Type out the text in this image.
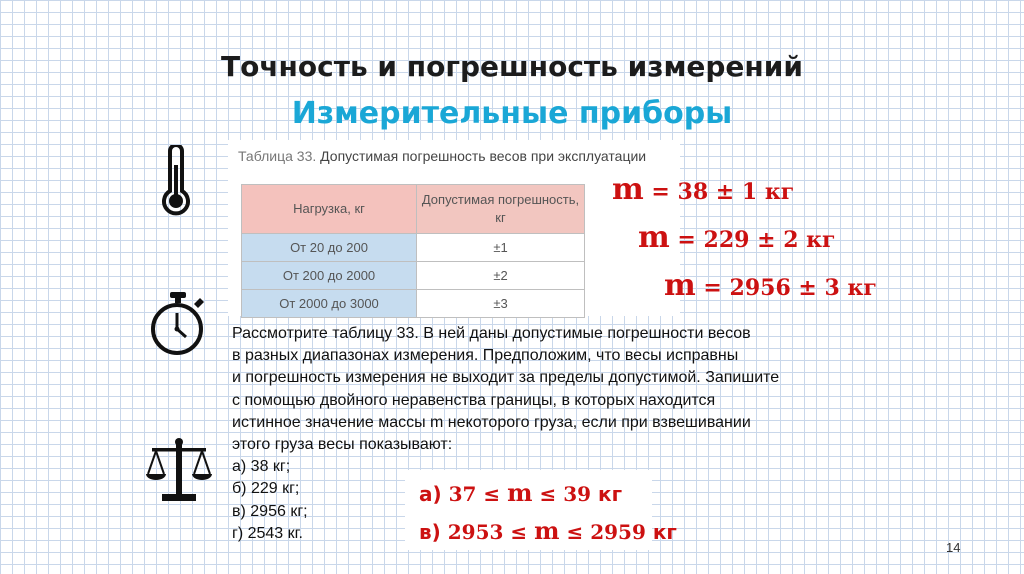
Точность и погрешность измерений
Измерительные приборы
Таблица 33. Допустимая погрешность весов при эксплуатации
Нагрузка, кг	Допустимая погрешность, кг
От 20 до 200	±1
От 200 до 2000	±2
От 2000 до 3000	±3
m = 38 ± 1 кг
m = 229 ± 2 кг
m = 2956 ± 3 кг
Рассмотрите таблицу 33. В ней даны допустимые погрешности весов
в разных диапазонах измерения. Предположим, что весы исправны
и погрешность измерения не выходит за пределы допустимой. Запишите
с помощью двойного неравенства границы, в которых находится
истинное значение массы m некоторого груза, если при взвешивании
этого груза весы показывают:
а) 38 кг;
б) 229 кг;
в) 2956 кг;
г) 2543 кг.
а) 37 ≤ m ≤ 39 кг
в) 2953 ≤ m ≤ 2959 кг
14
